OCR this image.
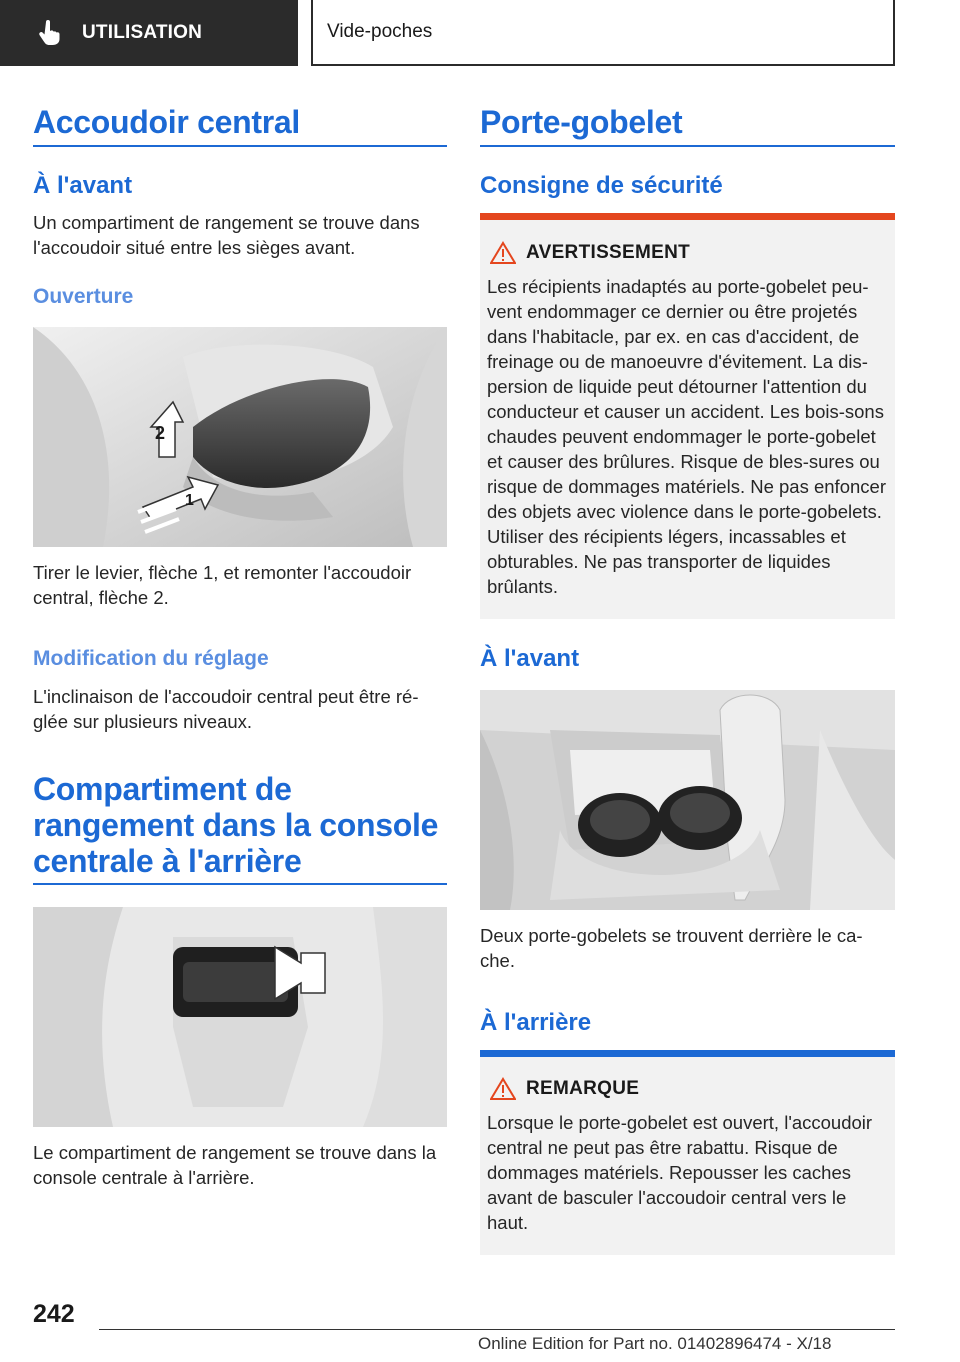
UTILISATION	Vide-poches
Accoudoir central
À l'avant
Un compartiment de rangement se trouve dans l'accoudoir situé entre les sièges avant.
Ouverture
2
1
Tirer le levier, flèche 1, et remonter l'accoudoir central, flèche 2.
Modification du réglage
L'inclinaison de l'accoudoir central peut être ré-glée sur plusieurs niveaux.
Compartiment de rangement dans la console centrale à l'arrière
Le compartiment de rangement se trouve dans la console centrale à l'arrière.
Porte-gobelet
Consigne de sécurité
AVERTISSEMENT
Les récipients inadaptés au porte-gobelet peu-vent endommager ce dernier ou être projetés dans l'habitacle, par ex. en cas d'accident, de freinage ou de manoeuvre d'évitement. La dis-persion de liquide peut détourner l'attention du conducteur et causer un accident. Les bois-sons chaudes peuvent endommager le porte-gobelet et causer des brûlures. Risque de bles-sures ou risque de dommages matériels. Ne pas enfoncer des objets avec violence dans le porte-gobelets. Utiliser des récipients légers, incassables et obturables. Ne pas transporter de liquides brûlants.
À l'avant
Deux porte-gobelets se trouvent derrière le ca-che.
À l'arrière
REMARQUE
Lorsque le porte-gobelet est ouvert, l'accoudoir central ne peut pas être rabattu. Risque de dommages matériels. Repousser les caches avant de basculer l'accoudoir central vers le haut.
242
Online Edition for Part no. 01402896474 - X/18
